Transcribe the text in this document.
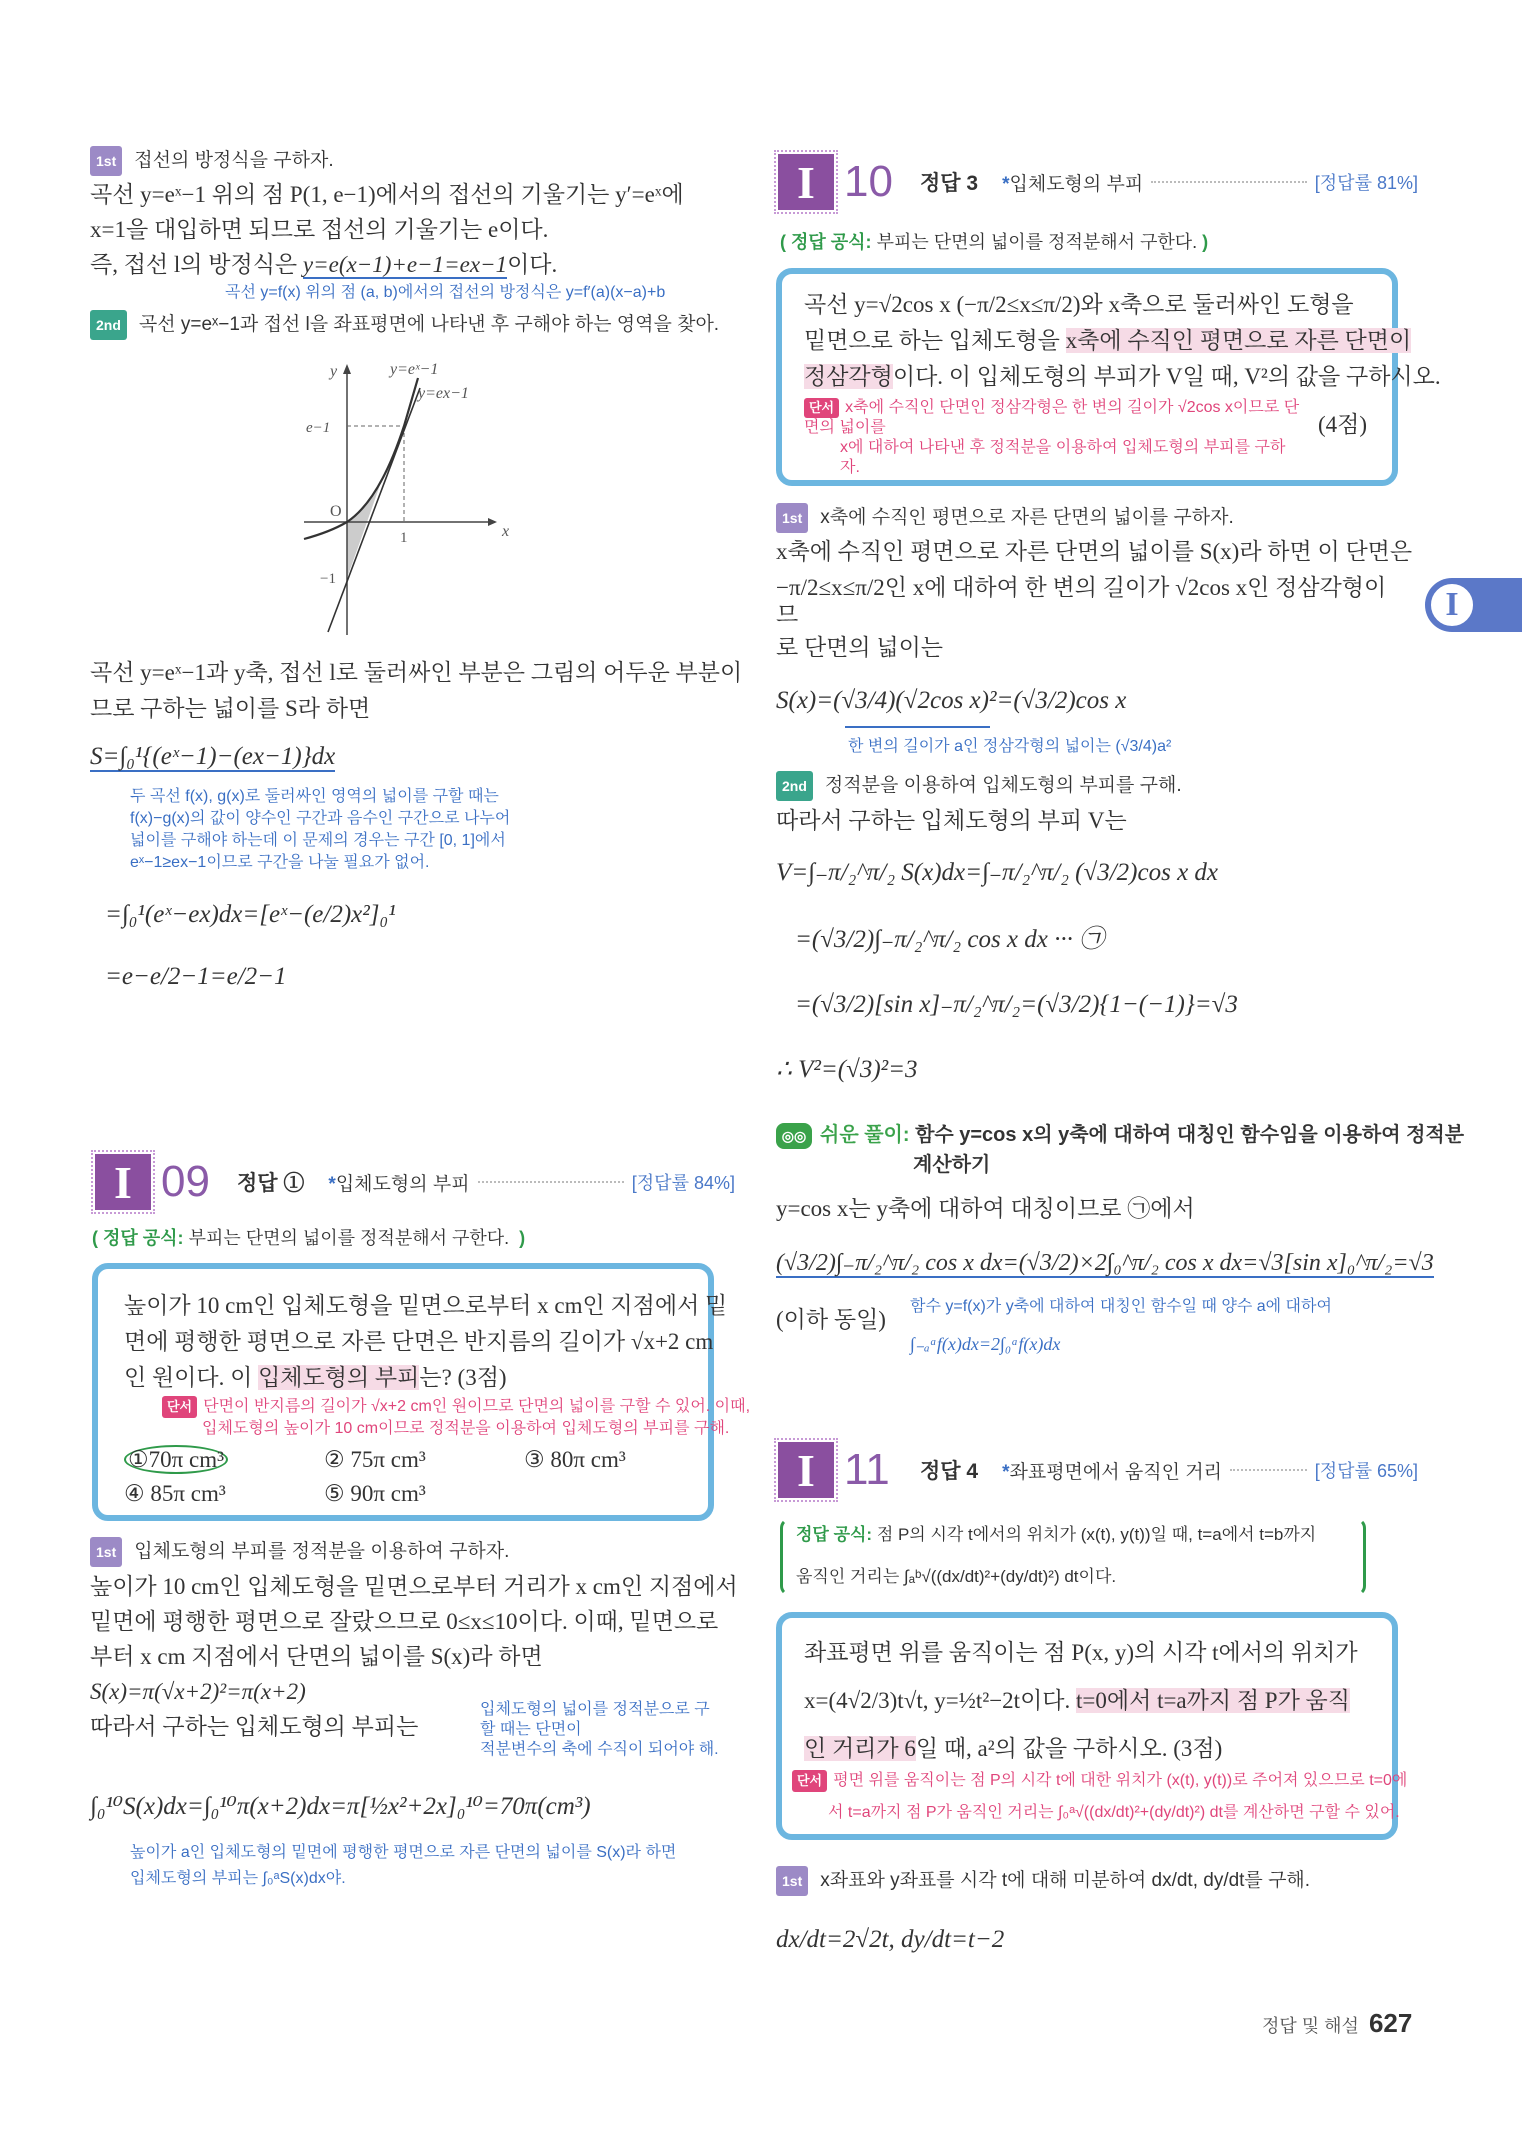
1st 접선의 방정식을 구하자.
곡선 y=eˣ−1 위의 점 P(1, e−1)에서의 접선의 기울기는 y′=eˣ에
x=1을 대입하면 되므로 접선의 기울기는 e이다.
즉, 접선 l의 방정식은 y=e(x−1)+e−1=ex−1이다.
곡선 y=f(x) 위의 점 (a, b)에서의 접선의 방정식은 y=f′(a)(x−a)+b
2nd 곡선 y=eˣ−1과 접선 l을 좌표평면에 나타낸 후 구해야 하는 영역을 찾아.
y
x
y=eˣ−1
y=ex−1
e−1
O
1
−1
곡선 y=eˣ−1과 y축, 접선 l로 둘러싸인 부분은 그림의 어두운 부분이
므로 구하는 넓이를 S라 하면
S=∫₀¹{(eˣ−1)−(ex−1)}dx
두 곡선 f(x), g(x)로 둘러싸인 영역의 넓이를 구할 때는
f(x)−g(x)의 값이 양수인 구간과 음수인 구간으로 나누어
넓이를 구해야 하는데 이 문제의 경우는 구간 [0, 1]에서
eˣ−1≥ex−1이므로 구간을 나눌 필요가 없어.
=∫₀¹(eˣ−ex)dx=[eˣ−(e/2)x²]₀¹
=e−e/2−1=e/2−1
I 09	정답 ① *입체도형의 부피	[정답률 84%]
( 정답 공식: 부피는 단면의 넓이를 정적분해서 구한다.  )
높이가 10 cm인 입체도형을 밑면으로부터 x cm인 지점에서 밑
면에 평행한 평면으로 자른 단면은 반지름의 길이가 √x+2 cm
인 원이다. 이 입체도형의 부피는? (3점)
단서 단면이 반지름의 길이가 √x+2 cm인 원이므로 단면의 넓이를 구할 수 있어. 이때,
입체도형의 높이가 10 cm이므로 정적분을 이용하여 입체도형의 부피를 구해.
①70π cm³	② 75π cm³	③ 80π cm³
④ 85π cm³	⑤ 90π cm³
1st 입체도형의 부피를 정적분을 이용하여 구하자.
높이가 10 cm인 입체도형을 밑면으로부터 거리가 x cm인 지점에서
밑면에 평행한 평면으로 잘랐으므로 0≤x≤10이다. 이때, 밑면으로
부터 x cm 지점에서 단면의 넓이를 S(x)라 하면
S(x)=π(√x+2)²=π(x+2)
따라서 구하는 입체도형의 부피는
입체도형의 넓이를 정적분으로 구할 때는 단면이
적분변수의 축에 수직이 되어야 해.
∫₀¹⁰S(x)dx=∫₀¹⁰π(x+2)dx=π[½x²+2x]₀¹⁰=70π(cm³)
높이가 a인 입체도형의 밑면에 평행한 평면으로 자른 단면의 넓이를 S(x)라 하면
입체도형의 부피는 ∫₀ᵃS(x)dx야.
I 10	정답 3 *입체도형의 부피	[정답률 81%]
( 정답 공식: 부피는 단면의 넓이를 정적분해서 구한다. )
곡선 y=√2cos x (−π/2≤x≤π/2)와 x축으로 둘러싸인 도형을
밑면으로 하는 입체도형을 x축에 수직인 평면으로 자른 단면이
정삼각형이다. 이 입체도형의 부피가 V일 때, V²의 값을 구하시오.
단서 x축에 수직인 단면인 정삼각형은 한 변의 길이가 √2cos x이므로 단면의 넓이를
x에 대하여 나타낸 후 정적분을 이용하여 입체도형의 부피를 구하자.
(4점)
1st x축에 수직인 평면으로 자른 단면의 넓이를 구하자.
x축에 수직인 평면으로 자른 단면의 넓이를 S(x)라 하면 이 단면은
−π/2≤x≤π/2인 x에 대하여 한 변의 길이가 √2cos x인 정삼각형이므
로 단면의 넓이는
S(x)=(√3/4)(√2cos x)²=(√3/2)cos x
한 변의 길이가 a인 정삼각형의 넓이는 (√3/4)a²
2nd 정적분을 이용하여 입체도형의 부피를 구해.
따라서 구하는 입체도형의 부피 V는
V=∫₋π/₂^π/₂ S(x)dx=∫₋π/₂^π/₂ (√3/2)cos x dx
=(√3/2)∫₋π/₂^π/₂ cos x dx ··· ㉠
=(√3/2)[sin x]₋π/₂^π/₂=(√3/2){1−(−1)}=√3
∴ V²=(√3)²=3
◎◎ 쉬운 풀이: 함수 y=cos x의 y축에 대하여 대칭인 함수임을 이용하여 정적분
계산하기
y=cos x는 y축에 대하여 대칭이므로 ㉠에서
(√3/2)∫₋π/₂^π/₂ cos x dx=(√3/2)×2∫₀^π/₂ cos x dx=√3[sin x]₀^π/₂=√3
(이하 동일)
함수 y=f(x)가 y축에 대하여 대칭인 함수일 때 양수 a에 대하여
∫₋ₐᵃf(x)dx=2∫₀ᵃf(x)dx
I 11	정답 4 *좌표평면에서 움직인 거리	[정답률 65%]
정답 공식: 점 P의 시각 t에서의 위치가 (x(t), y(t))일 때, t=a에서 t=b까지
움직인 거리는 ∫ₐᵇ√((dx/dt)²+(dy/dt)²) dt이다.
좌표평면 위를 움직이는 점 P(x, y)의 시각 t에서의 위치가
x=(4√2/3)t√t, y=½t²−2t이다. t=0에서 t=a까지 점 P가 움직
인 거리가 6일 때, a²의 값을 구하시오. (3점)
단서 평면 위를 움직이는 점 P의 시각 t에 대한 위치가 (x(t), y(t))로 주어져 있으므로 t=0에
서 t=a까지 점 P가 움직인 거리는 ∫₀ᵃ√((dx/dt)²+(dy/dt)²) dt를 계산하면 구할 수 있어.
1st x좌표와 y좌표를 시각 t에 대해 미분하여 dx/dt, dy/dt를 구해.
dx/dt=2√2t, dy/dt=t−2
I
정답 및 해설 627
